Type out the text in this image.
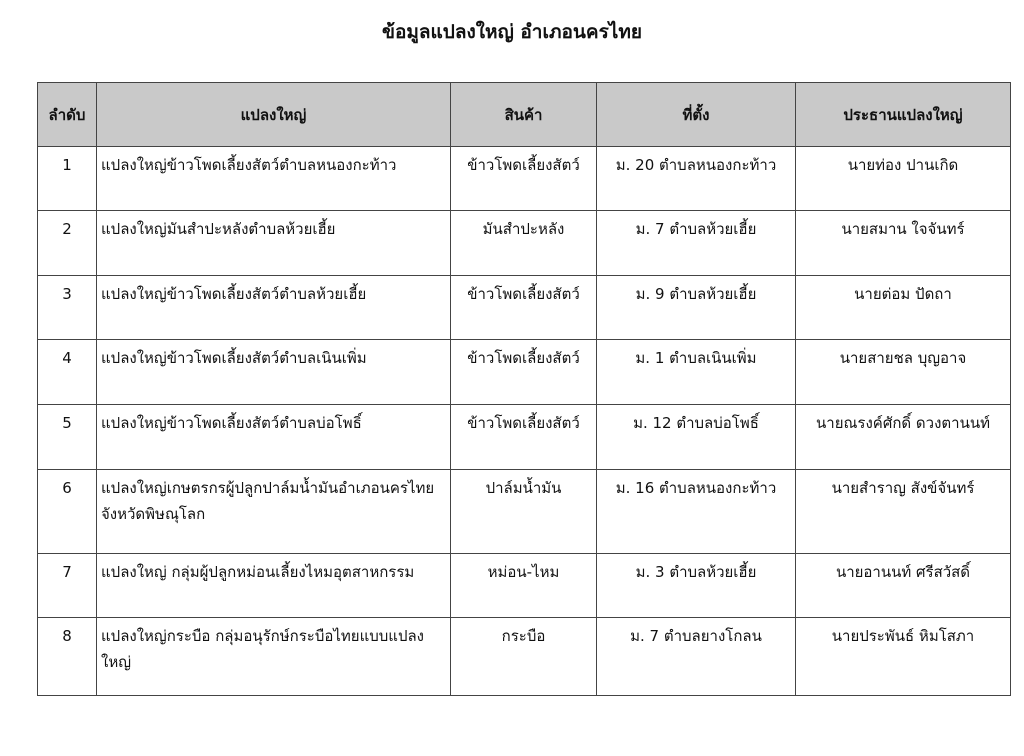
ข้อมูลแปลงใหญ่ อำเภอนครไทย
ลำดับ	แปลงใหญ่	สินค้า	ที่ตั้ง	ประธานแปลงใหญ่
1	แปลงใหญ่ข้าวโพดเลี้ยงสัตว์ตำบลหนองกะท้าว	ข้าวโพดเลี้ยงสัตว์	ม. 20 ตำบลหนองกะท้าว	นายท่อง ปานเกิด
2	แปลงใหญ่มันสำปะหลังตำบลห้วยเฮี้ย	มันสำปะหลัง	ม. 7 ตำบลห้วยเฮี้ย	นายสมาน ใจจันทร์
3	แปลงใหญ่ข้าวโพดเลี้ยงสัตว์ตำบลห้วยเฮี้ย	ข้าวโพดเลี้ยงสัตว์	ม. 9 ตำบลห้วยเฮี้ย	นายต่อม ปัดถา
4	แปลงใหญ่ข้าวโพดเลี้ยงสัตว์ตำบลเนินเพิ่ม	ข้าวโพดเลี้ยงสัตว์	ม. 1 ตำบลเนินเพิ่ม	นายสายชล บุญอาจ
5	แปลงใหญ่ข้าวโพดเลี้ยงสัตว์ตำบลบ่อโพธิ์	ข้าวโพดเลี้ยงสัตว์	ม. 12 ตำบลบ่อโพธิ์	นายณรงค์ศักดิ์ ดวงตานนท์
6	แปลงใหญ่เกษตรกรผู้ปลูกปาล์มน้ำมันอำเภอนครไทย จังหวัดพิษณุโลก	ปาล์มน้ำมัน	ม. 16 ตำบลหนองกะท้าว	นายสำราญ สังข์จันทร์
7	แปลงใหญ่ กลุ่มผู้ปลูกหม่อนเลี้ยงไหมอุตสาหกรรม	หม่อน-ไหม	ม. 3 ตำบลห้วยเฮี้ย	นายอานนท์ ศรีสวัสดิ์
8	แปลงใหญ่กระบือ กลุ่มอนุรักษ์กระบือไทยแบบแปลงใหญ่	กระบือ	ม. 7 ตำบลยางโกลน	นายประพันธ์ หิมโสภา
